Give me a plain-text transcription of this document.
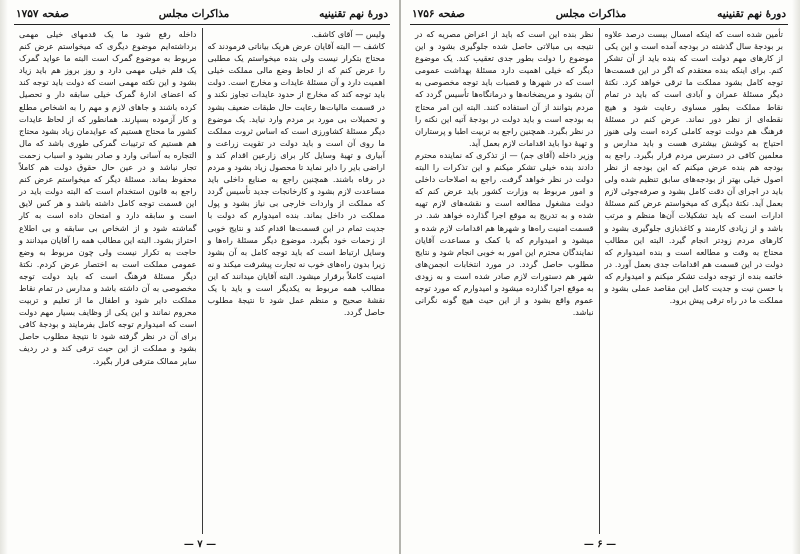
دورهٔ نهم تقنینیه
مذاکرات مجلس
صفحه ۱۷۵۷

ولیس — آقای کاشف.

کاشف — البته آقایان عرض هریک بیاناتی فرمودند که محتاج بتکرار نیست ولی بنده میخواستم یک مطلبی را عرض کنم که از لحاظ وضع مالی مملکت خیلی اهمیت دارد و آن مسئلهٔ عایدات و مخارج است. دولت باید توجه کند که مخارج از حدود عایدات تجاوز نکند و در قسمت مالیات‌ها رعایت حال طبقات ضعیف بشود و تحمیلات بی مورد بر مردم وارد نیاید. یک موضوع دیگر مسئلهٔ کشاورزی است که اساس ثروت مملکت ما روی آن است و باید دولت در تقویت زراعت و آبیاری و تهیهٔ وسایل کار برای زارعین اقدام کند و اراضی بایر را دایر نماید تا محصول زیاد بشود و مردم در رفاه باشند. همچنین راجع به صنایع داخلی باید مساعدت لازم بشود و کارخانجات جدید تأسیس گردد که مملکت از واردات خارجی بی نیاز بشود و پول مملکت در داخل بماند. بنده امیدوارم که دولت با جدیت تمام در این قسمت‌ها اقدام کند و نتایج خوبی از زحمات خود بگیرد. موضوع دیگر مسئلهٔ راه‌ها و وسایل ارتباط است که باید توجه کامل به آن بشود زیرا بدون راه‌های خوب نه تجارت پیشرفت میکند و نه امنیت کاملاً برقرار میشود. البته آقایان میدانند که این مطالب همه مربوط به یکدیگر است و باید با یک نقشهٔ صحیح و منظم عمل شود تا نتیجهٔ مطلوب حاصل گردد.

داخله رفع شود ما یک قدمهای خیلی مهمی برداشته‌ایم موضوع دیگری که میخواستم عرض کنم مربوط به موضوع گمرک است البته ما عواید گمرک یک قلم خیلی مهمی دارد و روز بروز هم باید زیاد بشود و این نکته مهمی است که دولت باید توجه کند که اعضای ادارهٔ گمرک خیلی سابقه دار و تحصیل کرده باشند و جاهای لازم و مهم را به اشخاص مطلع و کار آزموده بسپارند. همانطور که از لحاظ عایدات کشور ما محتاج هستیم که عوایدمان زیاد بشود محتاج هم هستیم که ترتیبات گمرکی طوری باشد که مال التجاره به آسانی وارد و صادر بشود و اسباب زحمت تجار نباشد و در عین حال حقوق دولت هم کاملاً محفوظ بماند. مسئلهٔ دیگر که میخواستم عرض کنم راجع به قانون استخدام است که البته دولت باید در این قسمت توجه کامل داشته باشد و هر کس لایق است و سابقه دارد و امتحان داده است به کار گماشته شود و از اشخاص بی سابقه و بی اطلاع احتراز بشود. البته این مطالب همه را آقایان میدانند و حاجت به تکرار نیست ولی چون مربوط به وضع عمومی مملکت است به اختصار عرض کردم. نکتهٔ دیگر مسئلهٔ فرهنگ است که باید دولت توجه مخصوصی به آن داشته باشد و مدارس در تمام نقاط مملکت دایر شود و اطفال ما از تعلیم و تربیت محروم نمانند و این یکی از وظایف بسیار مهم دولت است که امیدوارم توجه کامل بفرمایند و بودجهٔ کافی برای آن در نظر گرفته شود تا نتیجهٔ مطلوب حاصل بشود و مملکت از این حیث ترقی کند و در ردیف سایر ممالک مترقی قرار بگیرد.

— ۷ —
دورهٔ نهم تقنینیه
مذاکرات مجلس
صفحه ۱۷۵۶

تأمین شده است که اینکه امسال بیست درصد علاوه بر بودجهٔ سال گذشته در بودجه آمده است و این یکی از کارهای مهم دولت است که بنده باید از آن تشکر کنم. برای اینکه بنده معتقدم که اگر در این قسمت‌ها توجه کامل بشود مملکت ما ترقی خواهد کرد. نکتهٔ دیگر مسئلهٔ عمران و آبادی است که باید در تمام نقاط مملکت بطور مساوی رعایت شود و هیچ نقطه‌ای از نظر دور نماند. عرض کنم در مسئلهٔ فرهنگ هم دولت توجه کاملی کرده است ولی هنوز احتیاج به کوشش بیشتری هست و باید مدارس و معلمین کافی در دسترس مردم قرار بگیرد. راجع به بودجه هم بنده عرض میکنم که این بودجه از نظر اصول خیلی بهتر از بودجه‌های سابق تنظیم شده ولی باید در اجرای آن دقت کامل بشود و صرفه‌جوئی لازم بعمل آید. نکتهٔ دیگری که میخواستم عرض کنم مسئلهٔ ادارات است که باید تشکیلات آن‌ها منظم و مرتب باشد و از زیادی کارمند و کاغذبازی جلوگیری بشود و کارهای مردم زودتر انجام گیرد. البته این مطالب محتاج به وقت و مطالعه است و بنده امیدوارم که دولت در این قسمت هم اقدامات جدی بعمل آورد. در خاتمه بنده از توجه دولت تشکر میکنم و امیدوارم که با حسن نیت و جدیت کامل این مقاصد عملی بشود و مملکت ما در راه ترقی پیش برود.

نظر بنده این است که باید از اعراض مصریه که در نتیجه بی مبالاتی حاصل شده جلوگیری بشود و این موضوع را دولت بطور جدی تعقیب کند. یک موضوع دیگر که خیلی اهمیت دارد مسئلهٔ بهداشت عمومی است که در شهرها و قصبات باید توجه مخصوصی به آن بشود و مریضخانه‌ها و درمانگاه‌ها تأسیس گردد که مردم بتوانند از آن استفاده کنند. البته این امر محتاج به بودجه است و باید دولت در بودجهٔ آتیه این نکته را در نظر بگیرد. همچنین راجع به تربیت اطبا و پرستاران و تهیهٔ دوا باید اقدامات لازم بعمل آید.

وزیر داخله (آقای جم) — از تذکری که نماینده محترم دادند بنده خیلی تشکر میکنم و این تذکرات را البته دولت در نظر خواهد گرفت. راجع به اصلاحات داخلی و امور مربوط به وزارت کشور باید عرض کنم که دولت مشغول مطالعه است و نقشه‌های لازم تهیه شده و به تدریج به موقع اجرا گذارده خواهد شد. در قسمت امنیت راه‌ها و شهرها هم اقدامات لازم شده و میشود و امیدوارم که با کمک و مساعدت آقایان نمایندگان محترم این امور به خوبی انجام شود و نتایج مطلوب حاصل گردد. در مورد انتخابات انجمن‌های شهر هم دستورات لازم صادر شده است و به زودی به موقع اجرا گذارده میشود و امیدوارم که مورد توجه عموم واقع بشود و از این حیث هیچ گونه نگرانی نباشد.

— ۶ —
